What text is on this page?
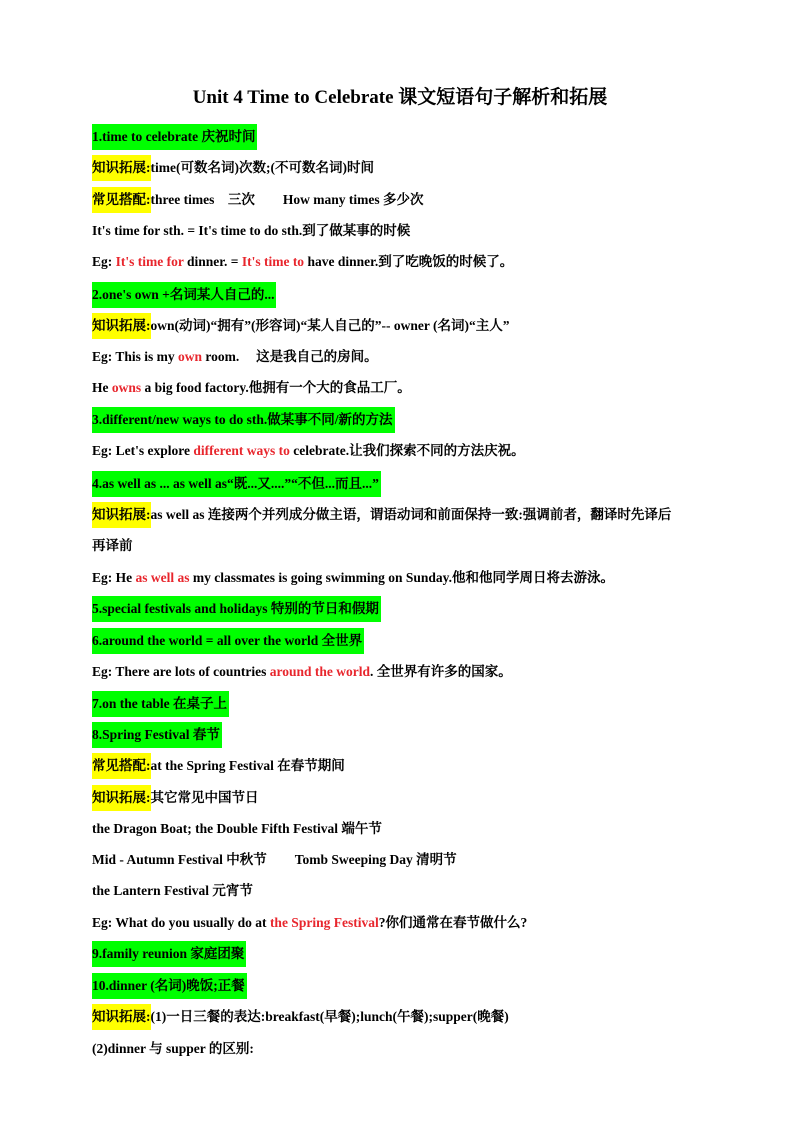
Unit 4 Time to Celebrate 课文短语句子解析和拓展
1.time to celebrate 庆祝时间
知识拓展:time(可数名词)次数;(不可数名词)时间
常见搭配:three times　三次 How many times 多少次
It's time for sth. = It's time to do sth.到了做某事的时候
Eg: It's time for dinner. = It's time to have dinner.到了吃晚饭的时候了。
2.one's own +名词某人自己的...
知识拓展:own(动词)“拥有”(形容词)“某人自己的”-- owner (名词)“主人”
Eg: This is my own room.　 这是我自己的房间。
He owns a big food factory.他拥有一个大的食品工厂。
3.different/new ways to do sth.做某事不同/新的方法
Eg: Let's explore different ways to celebrate.让我们探索不同的方法庆祝。
4.as well as ... as well as“既...又....”“不但...而且...”
知识拓展:as well as 连接两个并列成分做主语，谓语动词和前面保持一致:强调前者，翻译时先译后
再译前
Eg: He as well as my classmates is going swimming on Sunday.他和他同学周日将去游泳。
5.special festivals and holidays 特别的节日和假期
6.around the world = all over the world 全世界
Eg: There are lots of countries around the world. 全世界有许多的国家。
7.on the table 在桌子上
8.Spring Festival 春节
常见搭配:at the Spring Festival 在春节期间
知识拓展:其它常见中国节日
the Dragon Boat; the Double Fifth Festival 端午节
Mid - Autumn Festival 中秋节 Tomb Sweeping Day 清明节
the Lantern Festival 元宵节
Eg: What do you usually do at the Spring Festival?你们通常在春节做什么?
9.family reunion 家庭团聚
10.dinner (名词)晚饭;正餐
知识拓展:(1)一日三餐的表达:breakfast(早餐);lunch(午餐);supper(晚餐)
(2)dinner 与 supper 的区别:
